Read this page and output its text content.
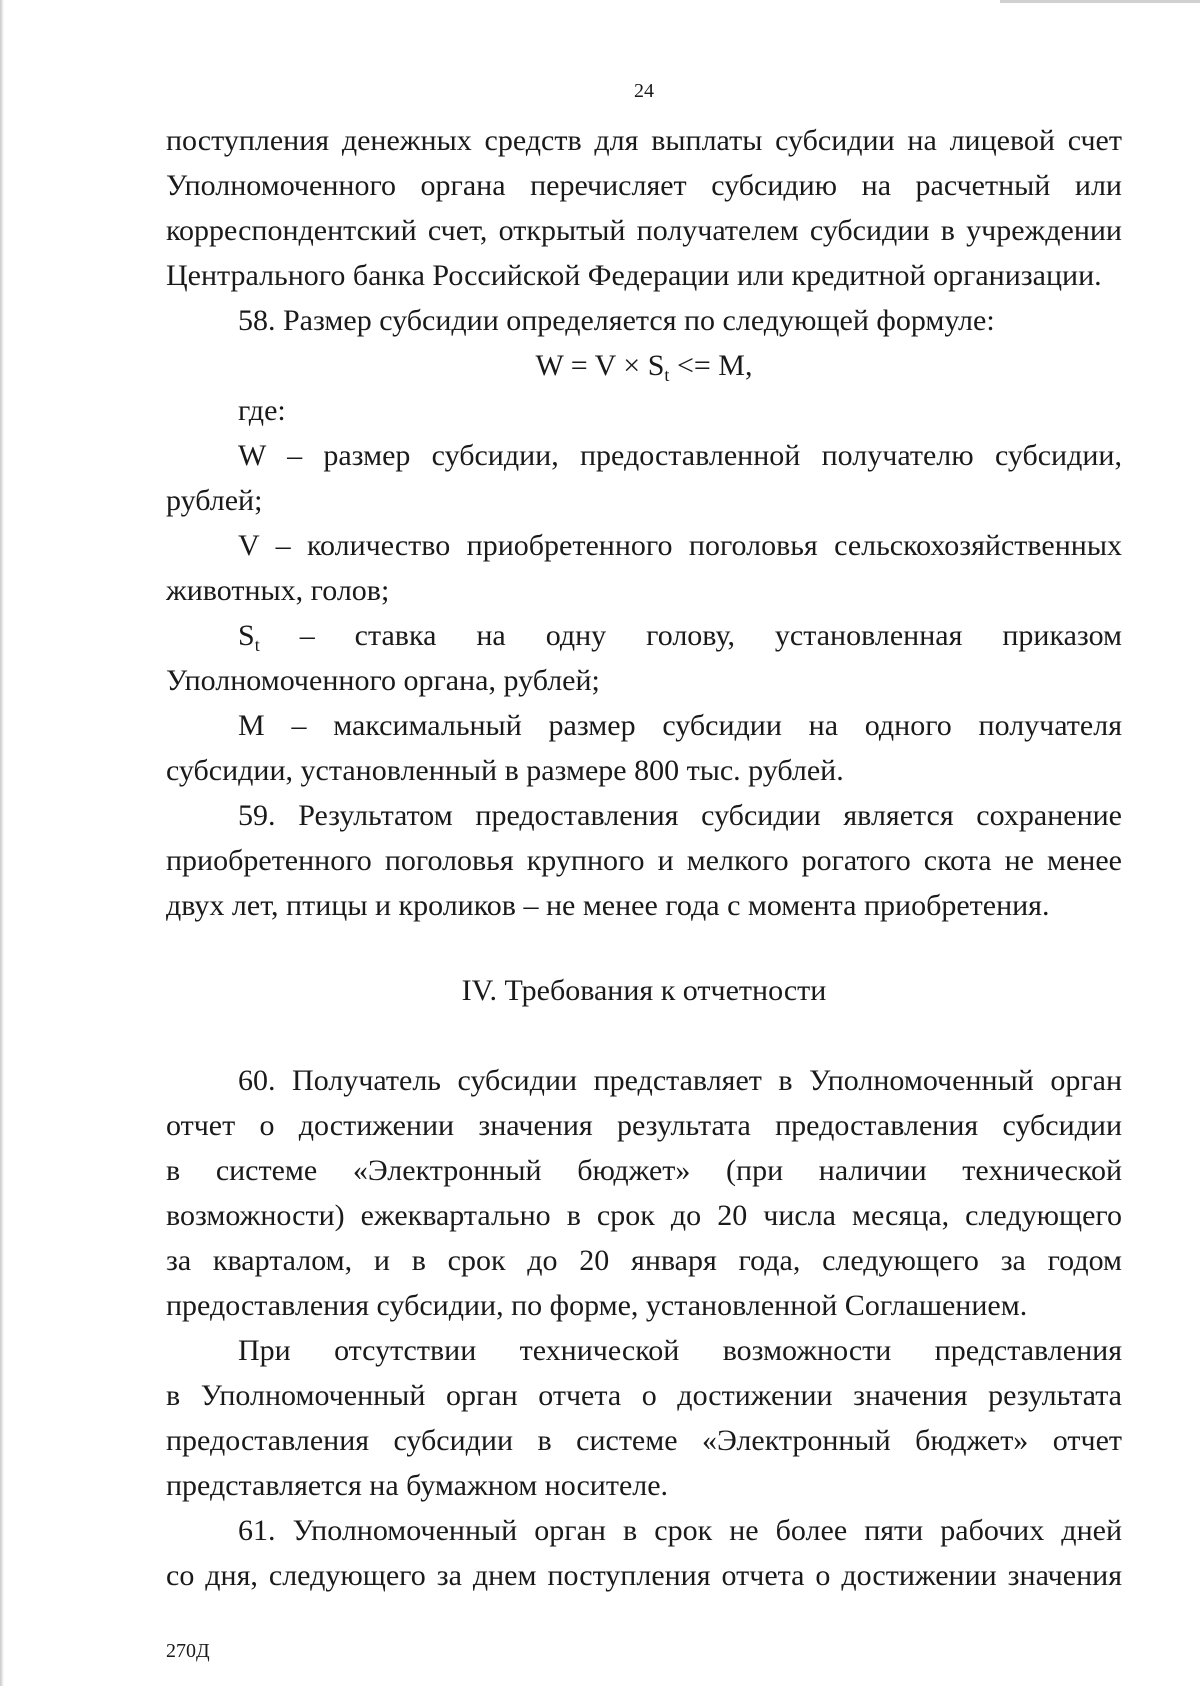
24
поступления денежных средств для выплаты субсидии на лицевой счет
Уполномоченного органа перечисляет субсидию на расчетный или
корреспондентский счет, открытый получателем субсидии в учреждении
Центрального банка Российской Федерации или кредитной организации.
58. Размер субсидии определяется по следующей формуле:
$W = V \times S_t <= M$,
где:
W – размер субсидии, предоставленной получателю субсидии,
рублей;
V – количество приобретенного поголовья сельскохозяйственных
животных, голов;
$S_t$ – ставка на одну голову, установленная приказом
Уполномоченного органа, рублей;
M – максимальный размер субсидии на одного получателя
субсидии, установленный в размере 800 тыс. рублей.
59. Результатом предоставления субсидии является сохранение
приобретенного поголовья крупного и мелкого рогатого скота не менее
двух лет, птицы и кроликов – не менее года с момента приобретения.
IV. Требования к отчетности
60. Получатель субсидии представляет в Уполномоченный орган
отчет о достижении значения результата предоставления субсидии
в системе «Электронный бюджет» (при наличии технической
возможности) ежеквартально в срок до 20 числа месяца, следующего
за кварталом, и в срок до 20 января года, следующего за годом
предоставления субсидии, по форме, установленной Соглашением.
При отсутствии технической возможности представления
в Уполномоченный орган отчета о достижении значения результата
предоставления субсидии в системе «Электронный бюджет» отчет
представляется на бумажном носителе.
61. Уполномоченный орган в срок не более пяти рабочих дней
со дня, следующего за днем поступления отчета о достижении значения
270Д
